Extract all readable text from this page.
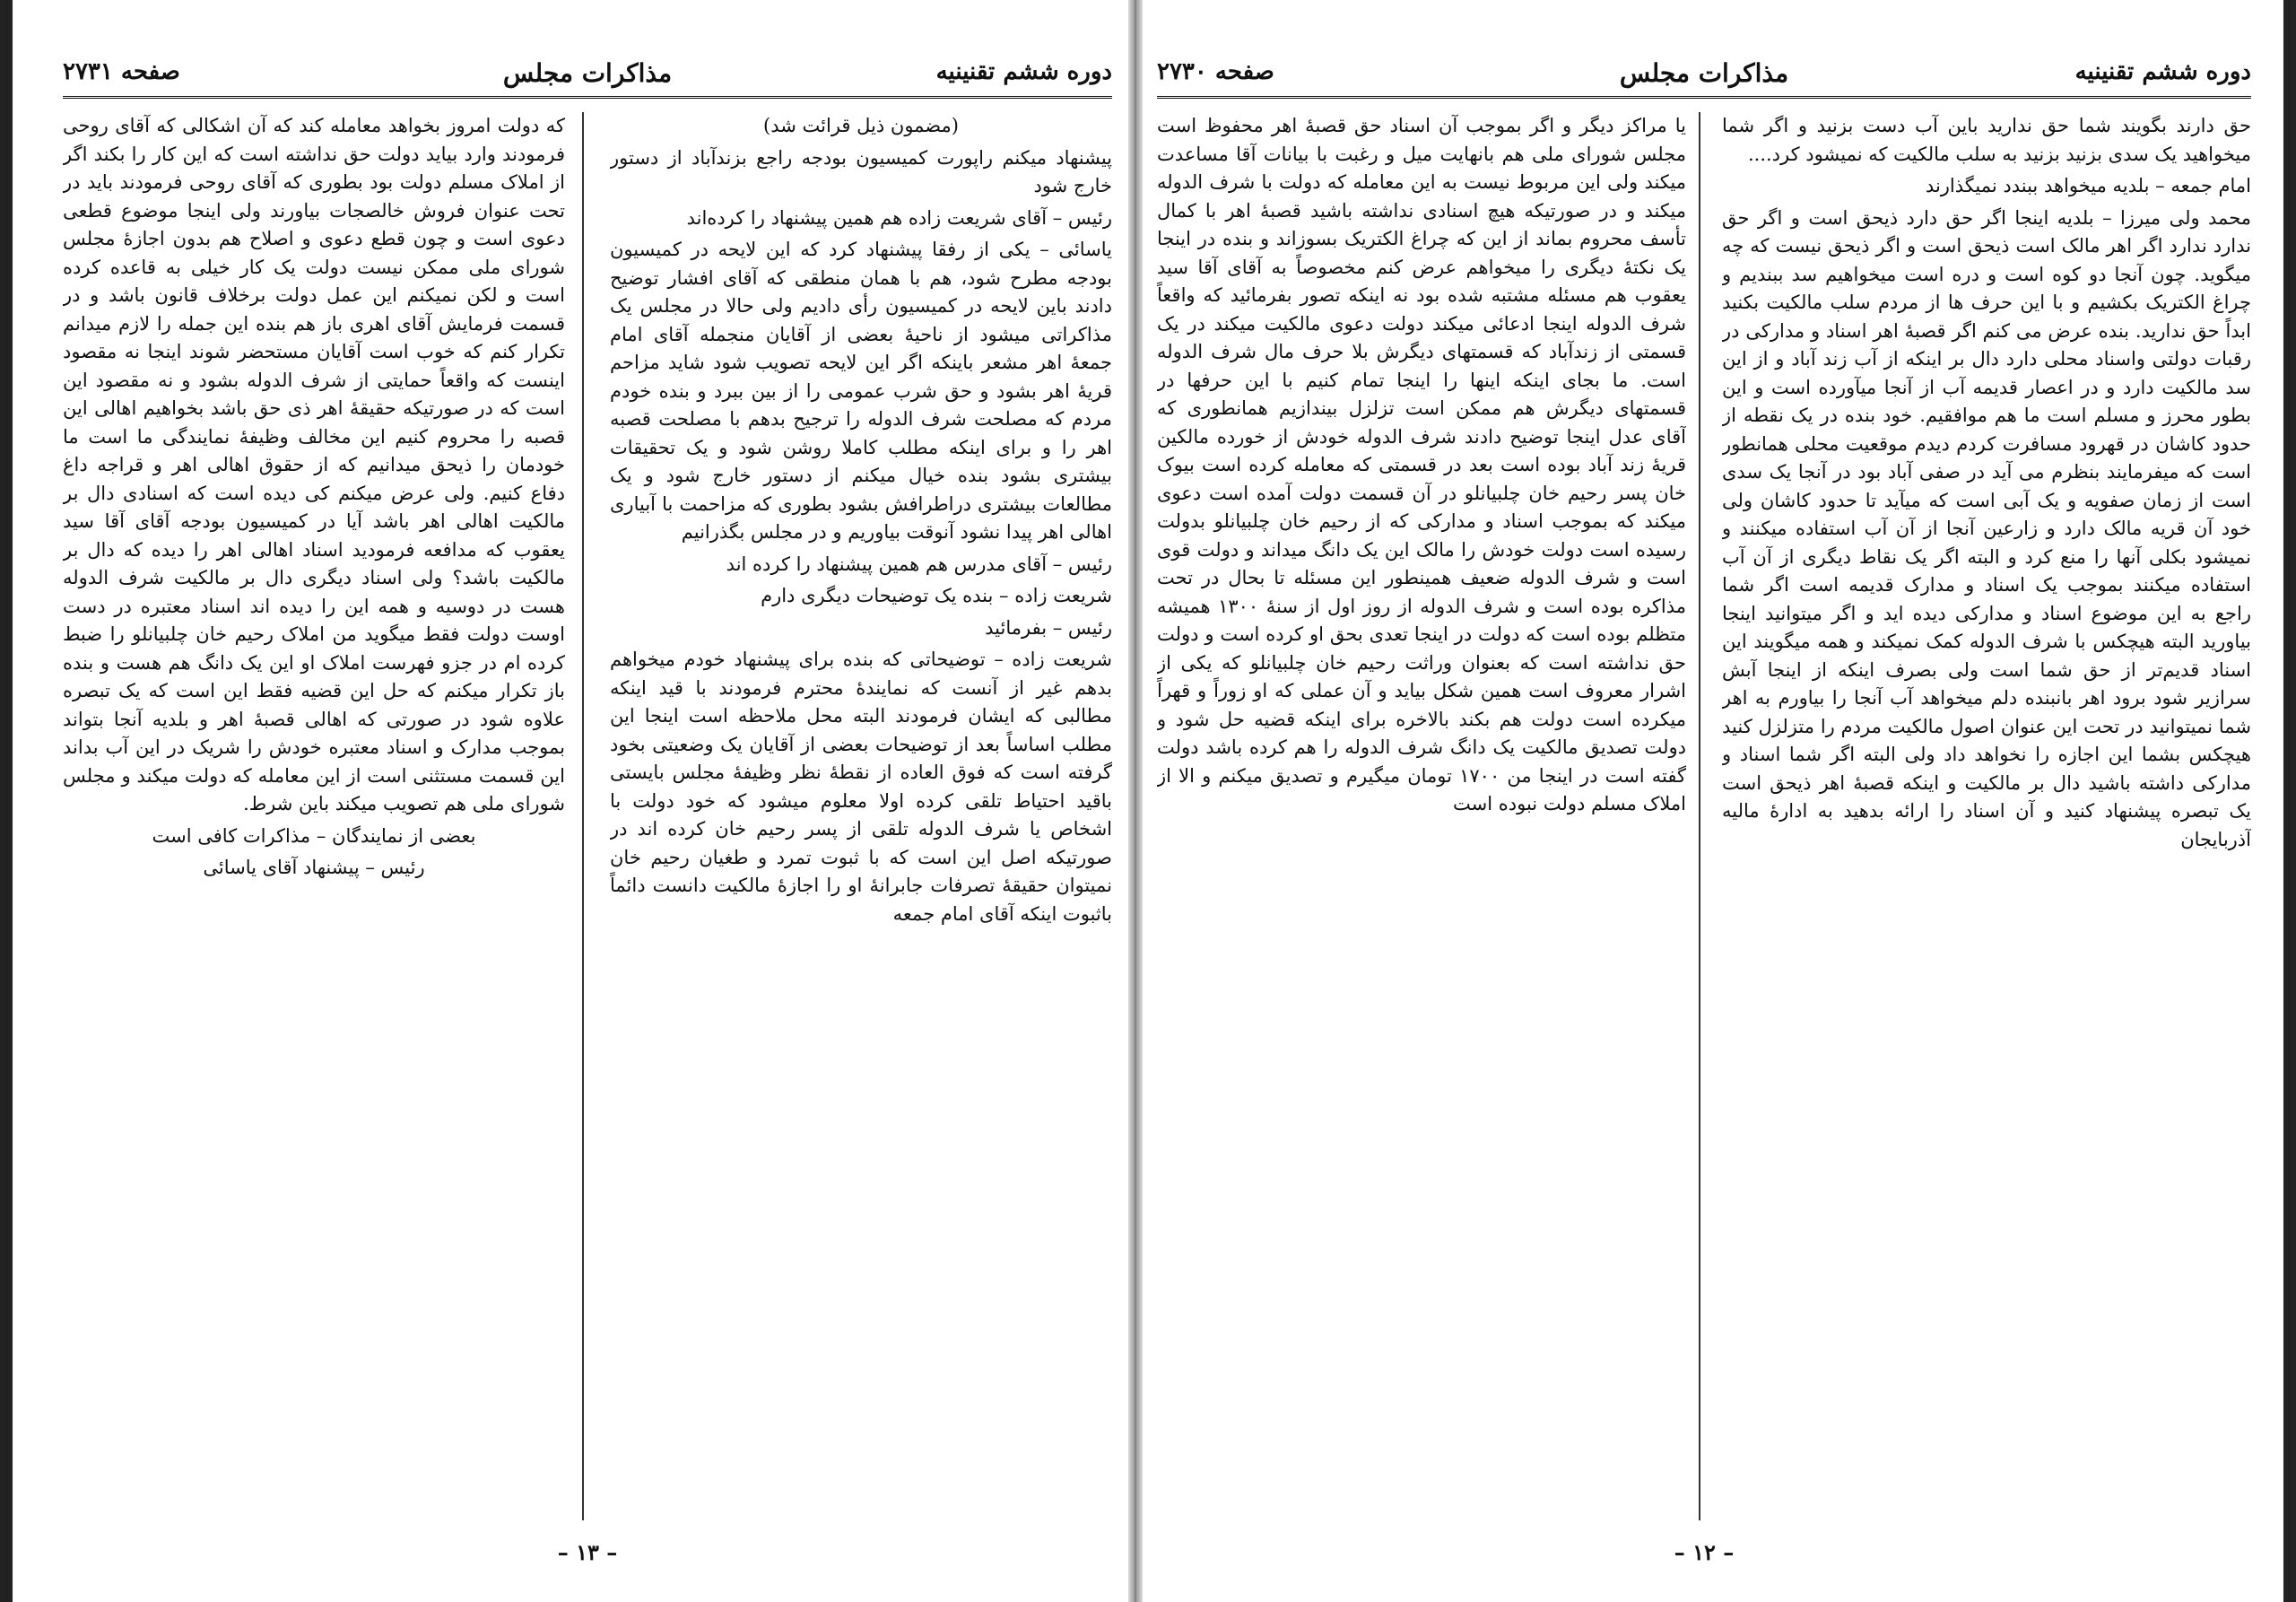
دوره ششم تقنینیه
مذاکرات مجلس
صفحه ۲۷۳۱

(مضمون ذیل قرائت شد)

پیشنهاد میکنم راپورت کمیسیون بودجه راجع بزندآباد از دستور خارج شود

رئیس – آقای شریعت زاده هم همین پیشنهاد را کرده‌اند

یاسائی – یکی از رفقا پیشنهاد کرد که این لایحه در کمیسیون بودجه مطرح شود، هم با همان منطقی که آقای افشار توضیح دادند باین لایحه در کمیسیون رأی دادیم ولی حالا در مجلس یک مذاکراتی میشود از ناحیهٔ بعضی از آقایان منجمله آقای امام جمعهٔ اهر مشعر باینکه اگر این لایحه تصویب شود شاید مزاحم قریهٔ اهر بشود و حق شرب عمومی را از بین ببرد و بنده خودم مردم که مصلحت شرف الدوله را ترجیح بدهم با مصلحت قصبه اهر را و برای اینکه مطلب کاملا روشن شود و یک تحقیقات بیشتری بشود بنده خیال میکنم از دستور خارج شود و یک مطالعات بیشتری دراطرافش بشود بطوری که مزاحمت با آبیاری اهالی اهر پیدا نشود آنوقت بیاوریم و در مجلس بگذرانیم

رئیس – آقای مدرس هم همین پیشنهاد را کرده اند

شریعت زاده – بنده یک توضیحات دیگری دارم

رئیس – بفرمائید

شریعت زاده – توضیحاتی که بنده برای پیشنهاد خودم میخواهم بدهم غیر از آنست که نمایندهٔ محترم فرمودند با قید اینکه مطالبی که ایشان فرمودند البته محل ملاحظه است اینجا این مطلب اساساً بعد از توضیحات بعضی از آقایان یک وضعیتی بخود گرفته است که فوق العاده از نقطهٔ نظر وظیفهٔ مجلس بایستی باقید احتیاط تلقی کرده اولا معلوم میشود که خود دولت با اشخاص یا شرف الدوله تلقی از پسر رحیم خان کرده اند در صورتیکه اصل این است که با ثبوت تمرد و طغیان رحیم خان نمیتوان حقیقهٔ تصرفات جابرانهٔ او را اجازهٔ مالکیت دانست دائماً باثبوت اینکه آقای امام جمعه

که دولت امروز بخواهد معامله کند که آن اشکالی که آقای روحی فرمودند وارد بیاید دولت حق نداشته است که این کار را بکند اگر از املاک مسلم دولت بود بطوری که آقای روحی فرمودند باید در تحت عنوان فروش خالصجات بیاورند ولی اینجا موضوع قطعی دعوی است و چون قطع دعوی و اصلاح هم بدون اجازهٔ مجلس شورای ملی ممکن نیست دولت یک کار خیلی به قاعده کرده است و لکن نمیکنم این عمل دولت برخلاف قانون باشد و در قسمت فرمایش آقای اهری باز هم بنده این جمله را لازم میدانم تکرار کنم که خوب است آقایان مستحضر شوند اینجا نه مقصود اینست که واقعاً حمایتی از شرف الدوله بشود و نه مقصود این است که در صورتیکه حقیقهٔ اهر ذی حق باشد بخواهیم اهالی این قصبه را محروم کنیم این مخالف وظیفهٔ نمایندگی ما است ما خودمان را ذیحق میدانیم که از حقوق اهالی اهر و قراجه داغ دفاع کنیم. ولی عرض میکنم کی دیده است که اسنادی دال بر مالکیت اهالی اهر باشد آیا در کمیسیون بودجه آقای آقا سید یعقوب که مدافعه فرمودید اسناد اهالی اهر را دیده که دال بر مالکیت باشد؟ ولی اسناد دیگری دال بر مالکیت شرف الدوله هست در دوسیه و همه این را دیده اند اسناد معتبره در دست اوست دولت فقط میگوید من املاک رحیم خان چلبیانلو را ضبط کرده ام در جزو فهرست املاک او این یک دانگ هم هست و بنده باز تکرار میکنم که حل این قضیه فقط این است که یک تبصره علاوه شود در صورتی که اهالی قصبهٔ اهر و بلدیه آنجا بتواند بموجب مدارک و اسناد معتبره خودش را شریک در این آب بداند این قسمت مستثنی است از این معامله که دولت میکند و مجلس شورای ملی هم تصویب میکند باین شرط.

بعضی از نمایندگان – مذاکرات کافی است

رئیس – پیشنهاد آقای یاسائی

– ۱۳ –
دوره ششم تقنینیه
مذاکرات مجلس
صفحه ۲۷۳۰

حق دارند بگویند شما حق ندارید باین آب دست بزنید و اگر شما میخواهید یک سدی بزنید بزنید به سلب مالکیت که نمیشود کرد....

امام جمعه – بلدیه میخواهد ببندد نمیگذارند

محمد ولی میرزا – بلدیه اینجا اگر حق دارد ذیحق است و اگر حق ندارد ندارد اگر اهر مالک است ذیحق است و اگر ذیحق نیست که چه میگوید. چون آنجا دو کوه است و دره است میخواهیم سد ببندیم و چراغ الکتریک بکشیم و با این حرف ها از مردم سلب مالکیت بکنید ابداً حق ندارید. بنده عرض می کنم اگر قصبهٔ اهر اسناد و مدارکی در رقبات دولتی واسناد محلی دارد دال بر اینکه از آب زند آباد و از این سد مالکیت دارد و در اعصار قدیمه آب از آنجا میآورده است و این بطور محرز و مسلم است ما هم موافقیم. خود بنده در یک نقطه از حدود کاشان در قهرود مسافرت کردم دیدم موقعیت محلی همانطور است که میفرمایند بنظرم می آید در صفی آباد بود در آنجا یک سدی است از زمان صفویه و یک آبی است که میآید تا حدود کاشان ولی خود آن قریه مالک دارد و زارعین آنجا از آن آب استفاده میکنند و نمیشود بکلی آنها را منع کرد و البته اگر یک نقاط دیگری از آن آب استفاده میکنند بموجب یک اسناد و مدارک قدیمه است اگر شما راجع به این موضوع اسناد و مدارکی دیده اید و اگر میتوانید اینجا بیاورید البته هیچکس با شرف الدوله کمک نمیکند و همه میگویند این اسناد قدیم‌تر از حق شما است ولی بصرف اینکه از اینجا آبش سرازیر شود برود اهر بانبنده دلم میخواهد آب آنجا را بیاورم به اهر شما نمیتوانید در تحت این عنوان اصول مالکیت مردم را متزلزل کنید هیچکس بشما این اجازه را نخواهد داد ولی البته اگر شما اسناد و مدارکی داشته باشید دال بر مالکیت و اینکه قصبهٔ اهر ذیحق است یک تبصره پیشنهاد کنید و آن اسناد را ارائه بدهید به ادارهٔ مالیه آذربایجان

یا مراکز دیگر و اگر بموجب آن اسناد حق قصبهٔ اهر محفوظ است مجلس شورای ملی هم بانهایت میل و رغبت با بیانات آقا مساعدت میکند ولی این مربوط نیست به این معامله که دولت با شرف الدوله میکند و در صورتیکه هیچ اسنادی نداشته باشید قصبهٔ اهر با کمال تأسف محروم بماند از این که چراغ الکتریک بسوزاند و بنده در اینجا یک نکتهٔ دیگری را میخواهم عرض کنم مخصوصاً به آقای آقا سید یعقوب هم مسئله مشتبه شده بود نه اینکه تصور بفرمائید که واقعاً شرف الدوله اینجا ادعائی میکند دولت دعوی مالکیت میکند در یک قسمتی از زندآباد که قسمتهای دیگرش بلا حرف مال شرف الدوله است. ما بجای اینکه اینها را اینجا تمام کنیم با این حرفها در قسمتهای دیگرش هم ممکن است تزلزل بیندازیم همانطوری که آقای عدل اینجا توضیح دادند شرف الدوله خودش از خورده مالکین قریهٔ زند آباد بوده است بعد در قسمتی که معامله کرده است بیوک خان پسر رحیم خان چلبیانلو در آن قسمت دولت آمده است دعوی میکند که بموجب اسناد و مدارکی که از رحیم خان چلبیانلو بدولت رسیده است دولت خودش را مالک این یک دانگ میداند و دولت قوی است و شرف الدوله ضعیف همینطور این مسئله تا بحال در تحت مذاکره بوده است و شرف الدوله از روز اول از سنهٔ ۱۳۰۰ همیشه متظلم بوده است که دولت در اینجا تعدی بحق او کرده است و دولت حق نداشته است که بعنوان وراثت رحیم خان چلبیانلو که یکی از اشرار معروف است همین شکل بیاید و آن عملی که او زوراً و قهراً میکرده است دولت هم بکند بالاخره برای اینکه قضیه حل شود و دولت تصدیق مالکیت یک دانگ شرف الدوله را هم کرده باشد دولت گفته است در اینجا من ۱۷۰۰ تومان میگیرم و تصدیق میکنم و الا از املاک مسلم دولت نبوده است

– ۱۲ –
